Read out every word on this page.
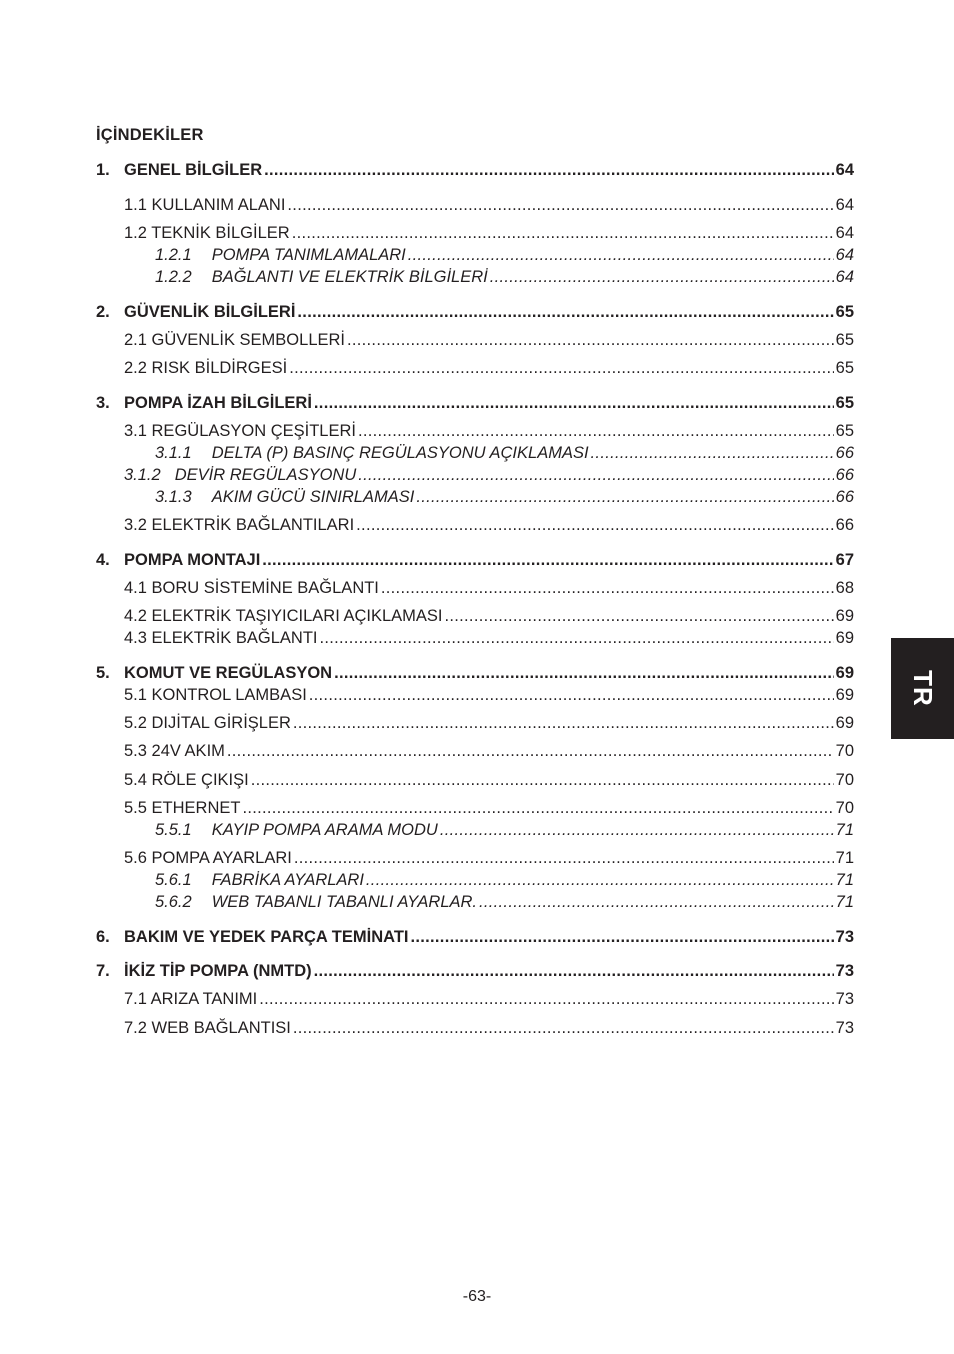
İÇİNDEKİLER
1. GENEL BİLGİLER .....	64
1.1 KULLANIM ALANI .....	64
1.2 TEKNİK BİLGİLER .....	64
1.2.1 POMPA TANIMLAMALARI .....	64
1.2.2 BAĞLANTI VE ELEKTRİK BİLGİLERİ .....	64
2. GÜVENLİK BİLGİLERİ .....	65
2.1 GÜVENLİK SEMBOLLERİ .....	65
2.2 RISK BİLDİRGESİ .....	65
3. POMPA İZAH BİLGİLERİ .....	65
3.1 REGÜLASYON ÇEŞİTLERİ .....	65
3.1.1 DELTA (P) BASINÇ REGÜLASYONU AÇIKLAMASI .....	66
3.1.2 DEVİR REGÜLASYONU .....	66
3.1.3 AKIM GÜCÜ SINIRLAMASI .....	66
3.2 ELEKTRİK BAĞLANTILARI .....	66
4. POMPA MONTAJI .....	67
4.1 BORU SİSTEMİNE BAĞLANTI .....	68
4.2 ELEKTRİK TAŞIYICILARI AÇIKLAMASI .....	69
4.3 ELEKTRİK BAĞLANTI .....	69
5. KOMUT VE REGÜLASYON .....	69
5.1 KONTROL LAMBASI .....	69
5.2 DIJİTAL GİRİŞLER .....	69
5.3 24V AKIM .....	70
5.4 RÖLE ÇIKIŞI .....	70
5.5 ETHERNET .....	70
5.5.1 KAYIP POMPA ARAMA MODU .....	71
5.6 POMPA AYARLARI .....	71
5.6.1 FABRİKA AYARLARI .....	71
5.6.2 WEB TABANLI TABANLI AYARLAR. .....	71
6. BAKIM VE YEDEK PARÇA TEMİNATI .....	73
7. İKİZ TİP POMPA (NMTD) .....	73
7.1 ARIZA TANIMI .....	73
7.2 WEB BAĞLANTISI .....	73
TR
-63-
